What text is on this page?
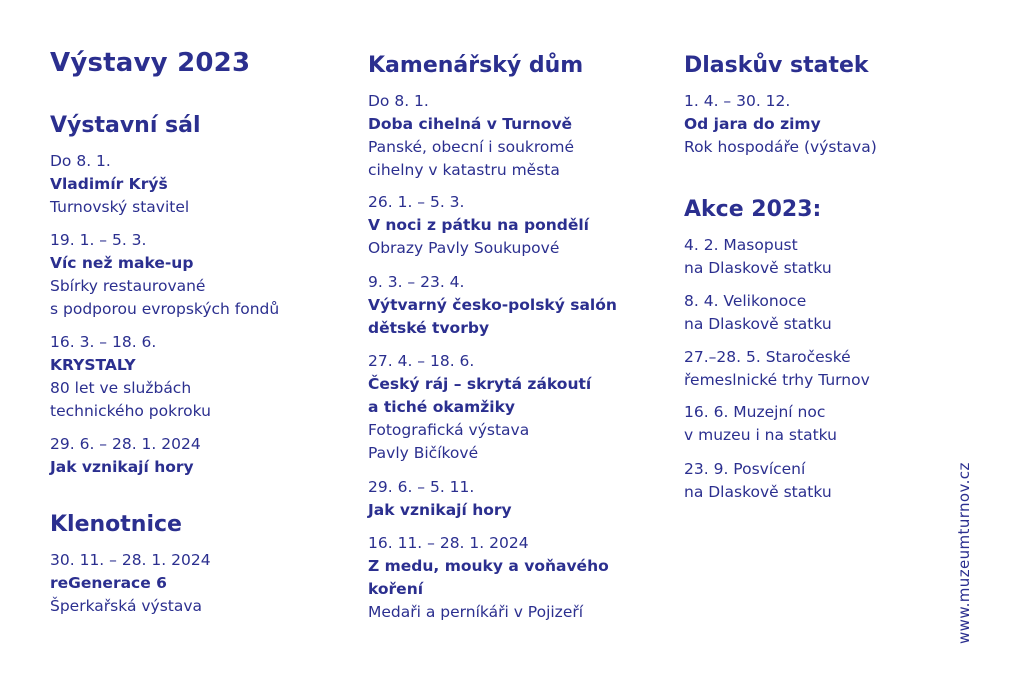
Výstavy 2023
Výstavní sál
Do 8. 1.
Vladimír Krýš
Turnovský stavitel
19. 1. – 5. 3.
Víc než make-up
Sbírky restaurované
s podporou evropských fondů
16. 3. – 18. 6.
KRYSTALY
80 let ve službách
technického pokroku
29. 6. – 28. 1. 2024
Jak vznikají hory
Klenotnice
30. 11. – 28. 1. 2024
reGenerace 6
Šperkařská výstava
Kamenářský dům
Do 8. 1.
Doba cihelná v Turnově
Panské, obecní i soukromé
cihelny v katastru města
26. 1. – 5. 3.
V noci z pátku na pondělí
Obrazy Pavly Soukupové
9. 3. – 23. 4.
Výtvarný česko-polský salón
dětské tvorby
27. 4. – 18. 6.
Český ráj – skrytá zákoutí
a tiché okamžiky
Fotografická výstava
Pavly Bičíkové
29. 6. – 5. 11.
Jak vznikají hory
16. 11. – 28. 1. 2024
Z medu, mouky a voňavého
koření
Medaři a perníkáři v Pojizeří
Dlaskův statek
1. 4. – 30. 12.
Od jara do zimy
Rok hospodáře (výstava)
Akce 2023:
4. 2. Masopust
na Dlaskově statku
8. 4. Velikonoce
na Dlaskově statku
27.–28. 5. Staročeské
řemeslnické trhy Turnov
16. 6. Muzejní noc
v muzeu i na statku
23. 9. Posvícení
na Dlaskově statku	www.muzeumturnov.cz
